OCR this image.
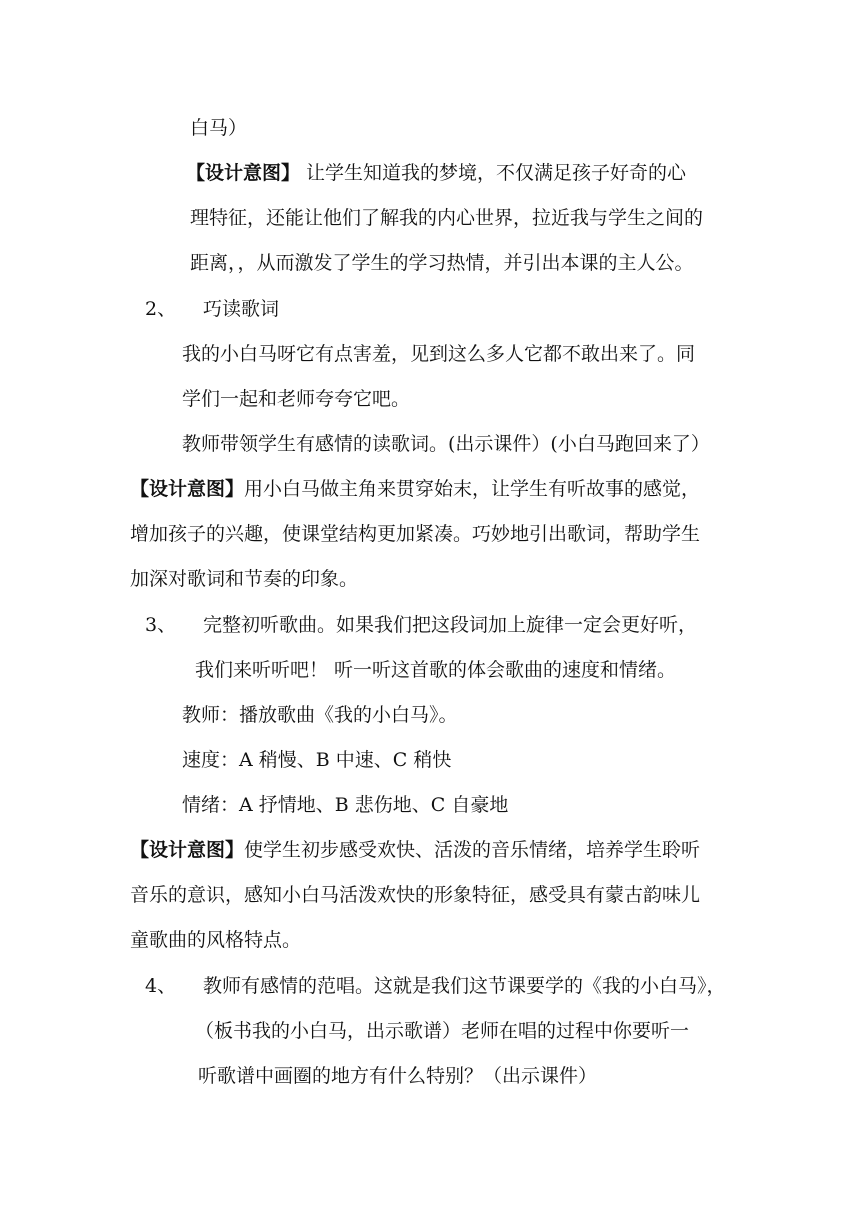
白马）
【设计意图】 让学生知道我的梦境，不仅满足孩子好奇的心
理特征，还能让他们了解我的内心世界，拉近我与学生之间的
距离，，从而激发了学生的学习热情，并引出本课的主人公。
2、 巧读歌词
我的小白马呀它有点害羞，见到这么多人它都不敢出来了。同
学们一起和老师夸夸它吧。
教师带领学生有感情的读歌词。(出示课件）(小白马跑回来了）
【设计意图】用小白马做主角来贯穿始末，让学生有听故事的感觉，
增加孩子的兴趣，使课堂结构更加紧凑。巧妙地引出歌词，帮助学生
加深对歌词和节奏的印象。
3、 完整初听歌曲。如果我们把这段词加上旋律一定会更好听，
我们来听听吧！ 听一听这首歌的体会歌曲的速度和情绪。
教师：播放歌曲《我的小白马》。
速度：A 稍慢、B 中速、C 稍快
情绪：A 抒情地、B 悲伤地、C 自豪地
【设计意图】使学生初步感受欢快、活泼的音乐情绪，培养学生聆听
音乐的意识，感知小白马活泼欢快的形象特征，感受具有蒙古韵味儿
童歌曲的风格特点。
4、 教师有感情的范唱。这就是我们这节课要学的《我的小白马》，
（板书我的小白马，出示歌谱）老师在唱的过程中你要听一
听歌谱中画圈的地方有什么特别？（出示课件）
